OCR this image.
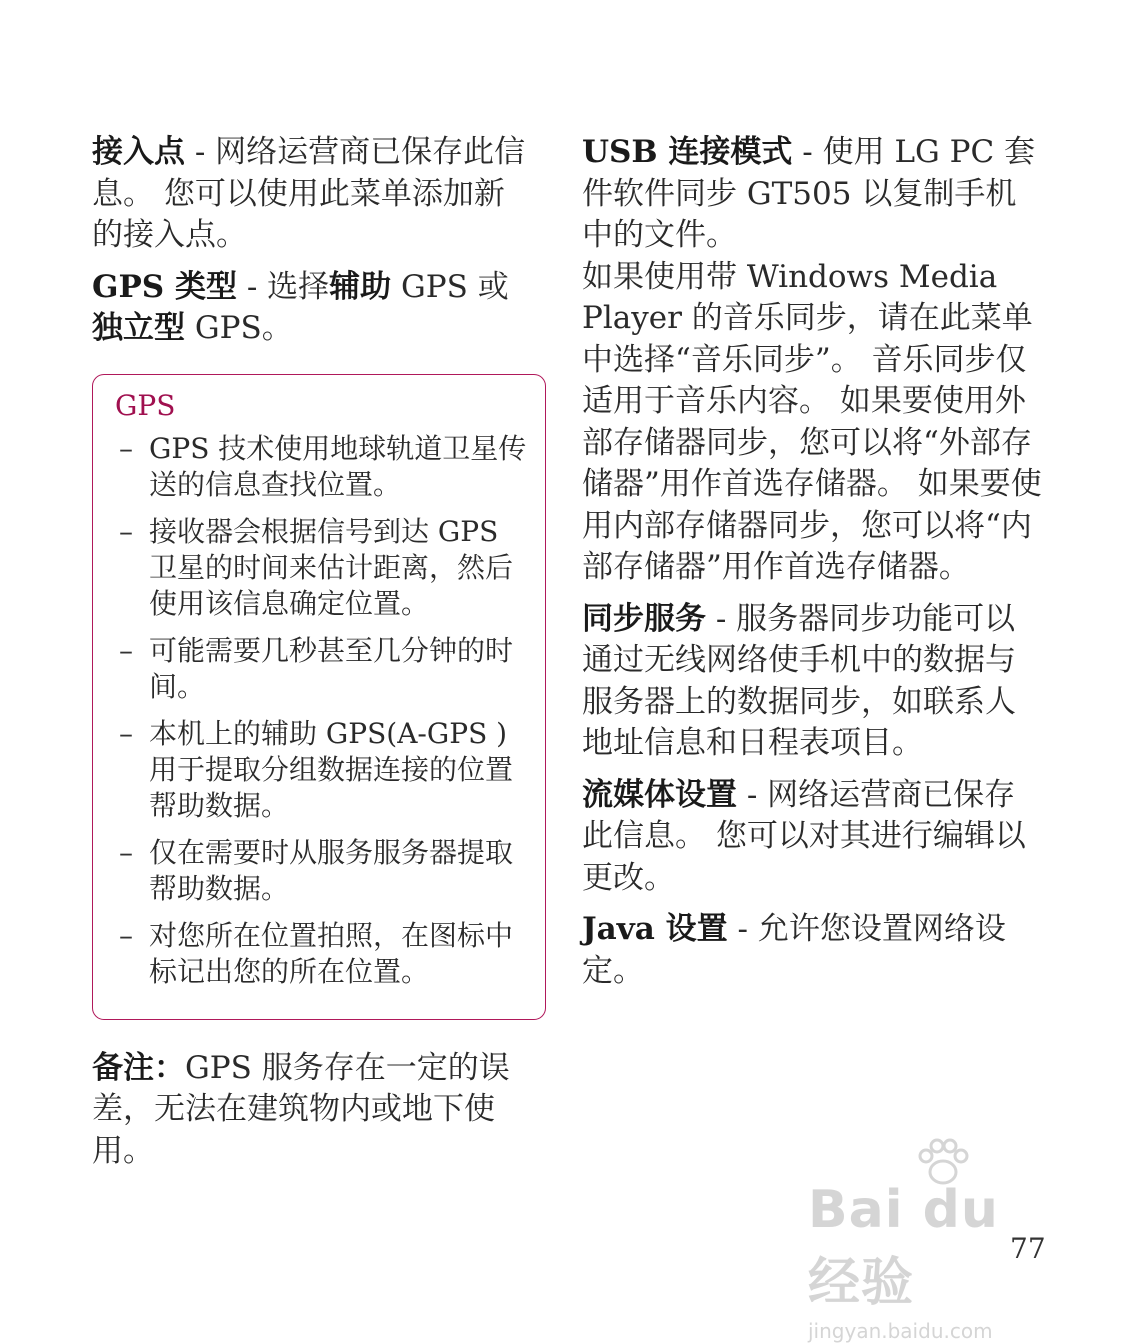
接入点 - 网络运营商已保存此信息。 您可以使用此菜单添加新的接入点。

GPS 类型 - 选择辅助 GPS 或独立型 GPS。

GPS
– GPS 技术使用地球轨道卫星传送的信息查找位置。
– 接收器会根据信号到达 GPS 卫星的时间来估计距离，然后使用该信息确定位置。
– 可能需要几秒甚至几分钟的时间。
– 本机上的辅助 GPS(A-GPS ) 用于提取分组数据连接的位置帮助数据。
– 仅在需要时从服务服务器提取帮助数据。
– 对您所在位置拍照，在图标中标记出您的所在位置。

备注：GPS 服务存在一定的误差，无法在建筑物内或地下使用。

USB 连接模式 - 使用 LG PC 套件软件同步 GT505 以复制手机中的文件。

如果使用带 Windows Media Player 的音乐同步，请在此菜单中选择“音乐同步”。 音乐同步仅适用于音乐内容。 如果要使用外部存储器同步，您可以将“外部存储器”用作首选存储器。 如果要使用内部存储器同步，您可以将“内部存储器”用作首选存储器。

同步服务 - 服务器同步功能可以通过无线网络使手机中的数据与服务器上的数据同步，如联系人地址信息和日程表项目。

流媒体设置 - 网络运营商已保存此信息。 您可以对其进行编辑以更改。

Java 设置 - 允许您设置网络设定。

Bai du 经验
jingyan.baidu.com
77
